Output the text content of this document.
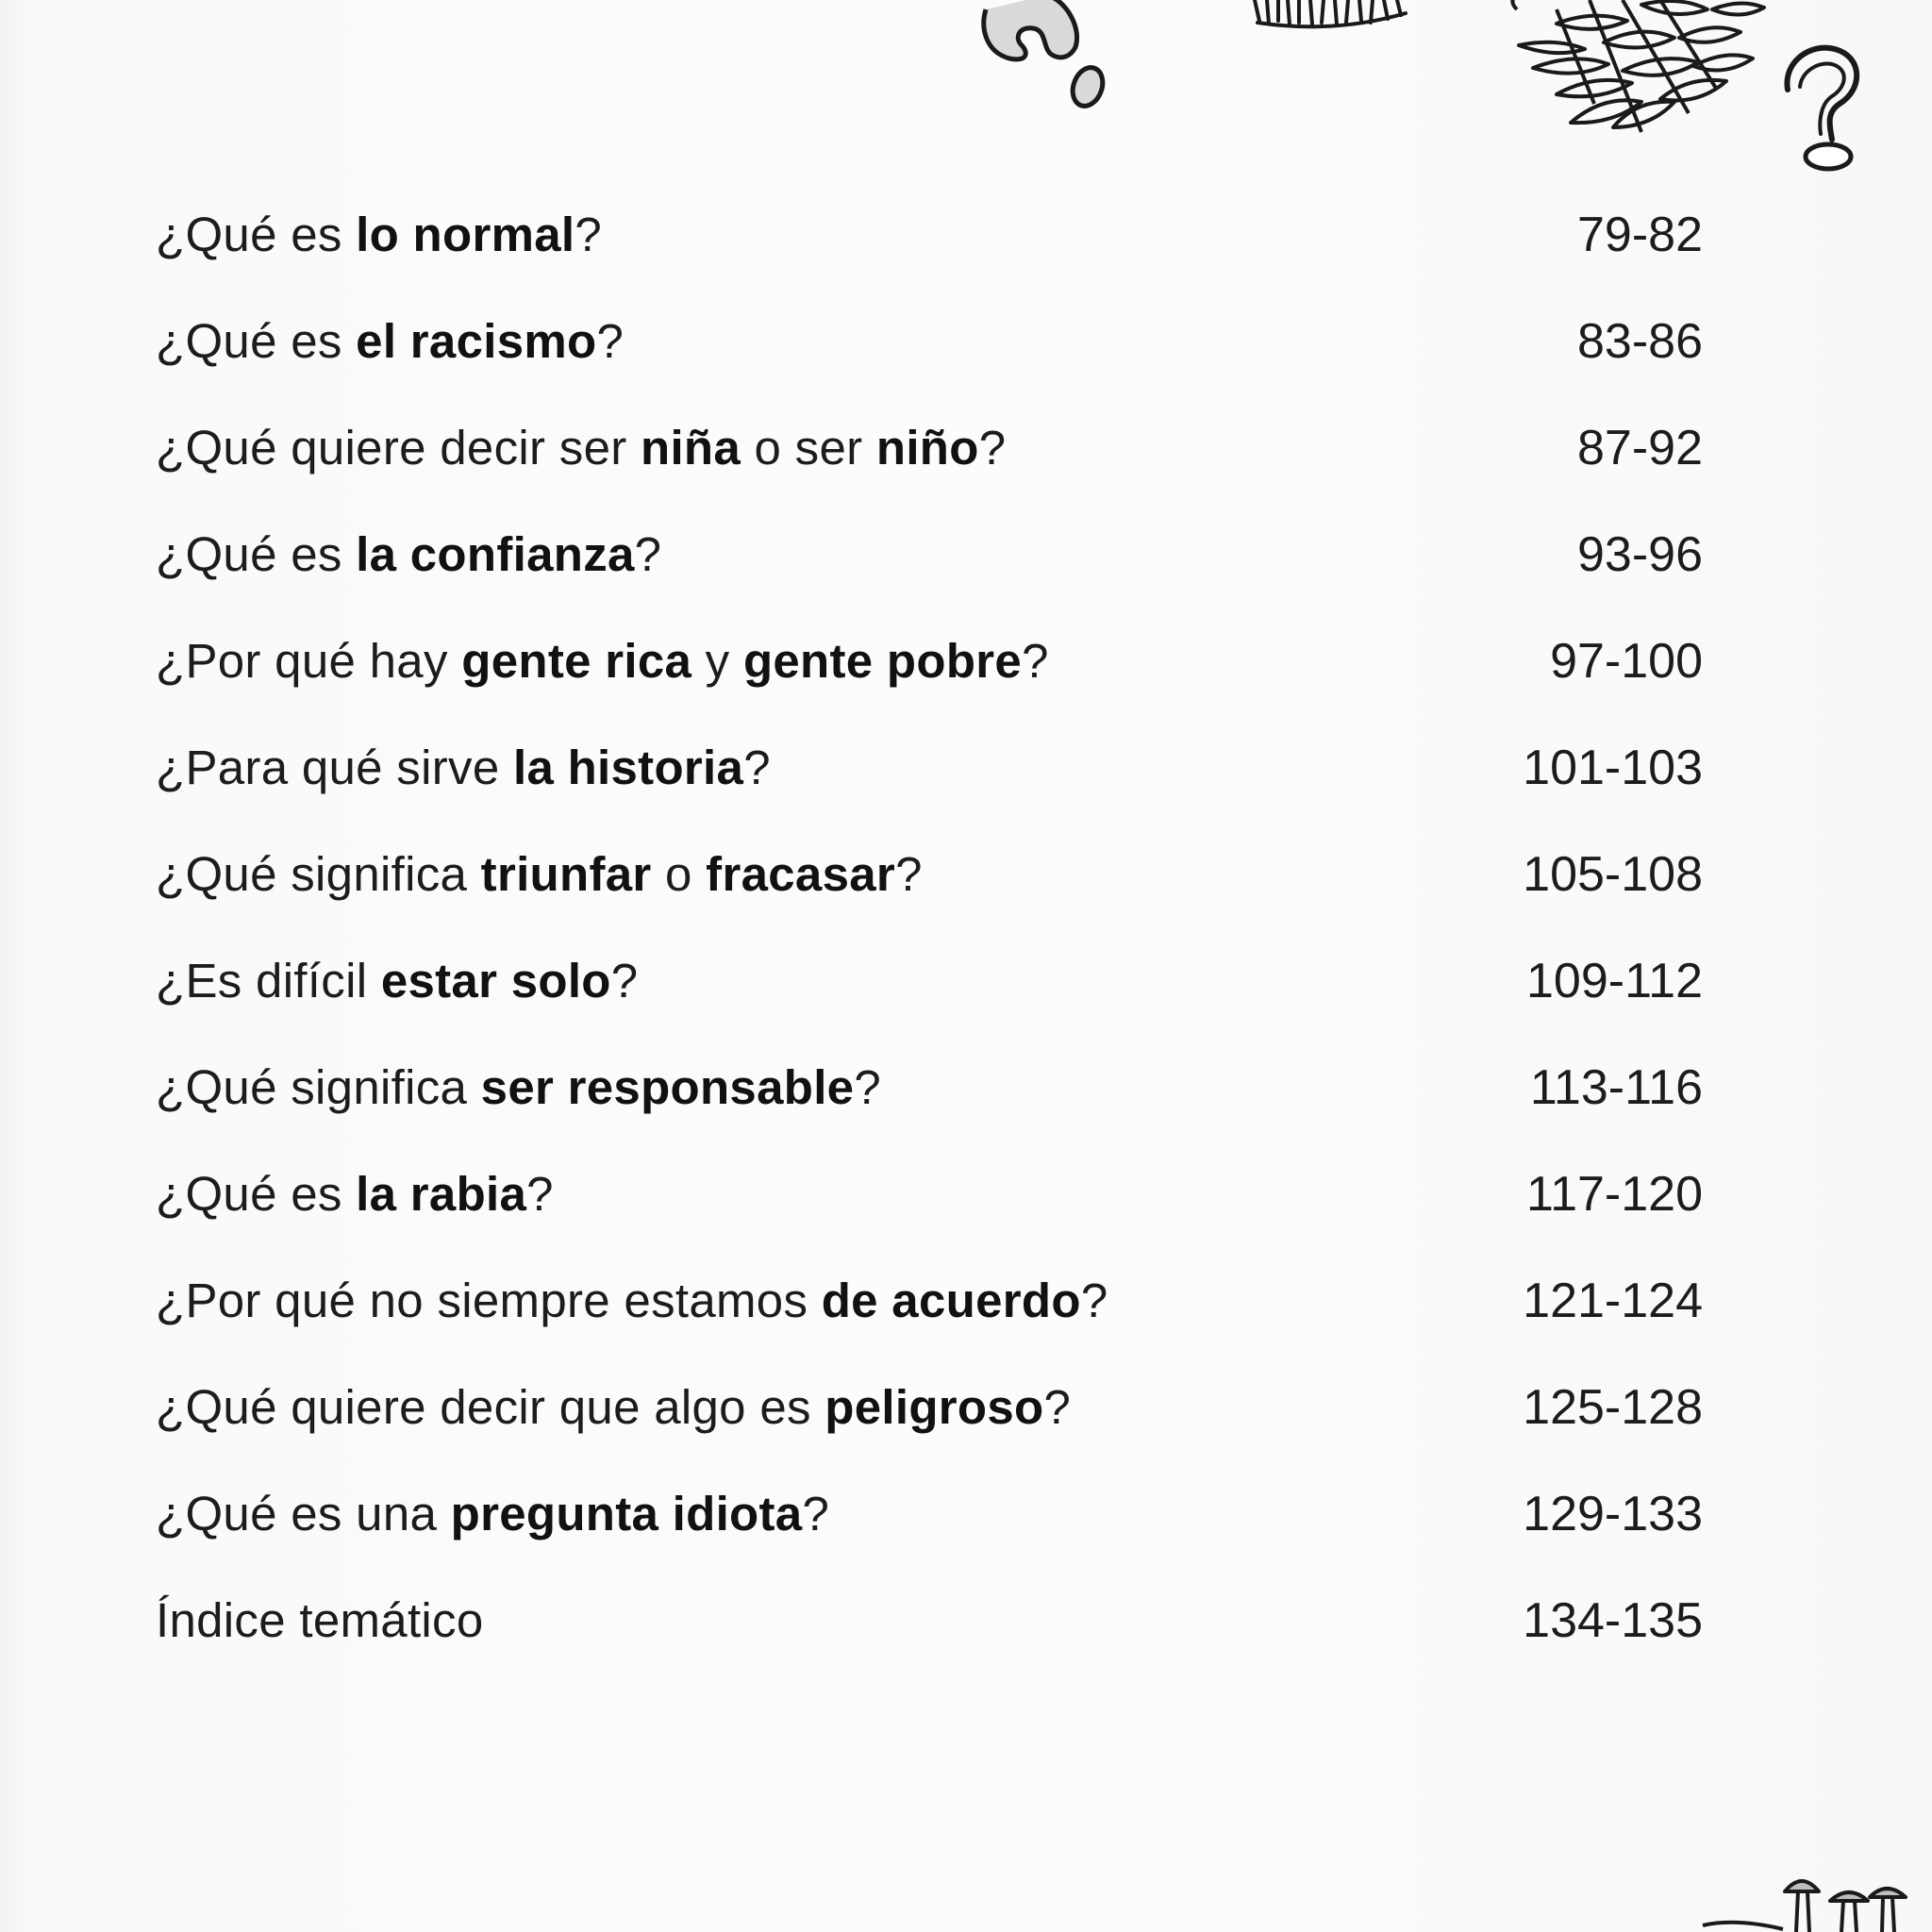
¿Qué es lo normal?	79-82
¿Qué es el racismo?	83-86
¿Qué quiere decir ser niña o ser niño?	87-92
¿Qué es la confianza?	93-96
¿Por qué hay gente rica y gente pobre?	97-100
¿Para qué sirve la historia?	101-103
¿Qué significa triunfar o fracasar?	105-108
¿Es difícil estar solo?	109-112
¿Qué significa ser responsable?	113-116
¿Qué es la rabia?	117-120
¿Por qué no siempre estamos de acuerdo?	121-124
¿Qué quiere decir que algo es peligroso?	125-128
¿Qué es una pregunta idiota?	129-133
Índice temático	134-135
